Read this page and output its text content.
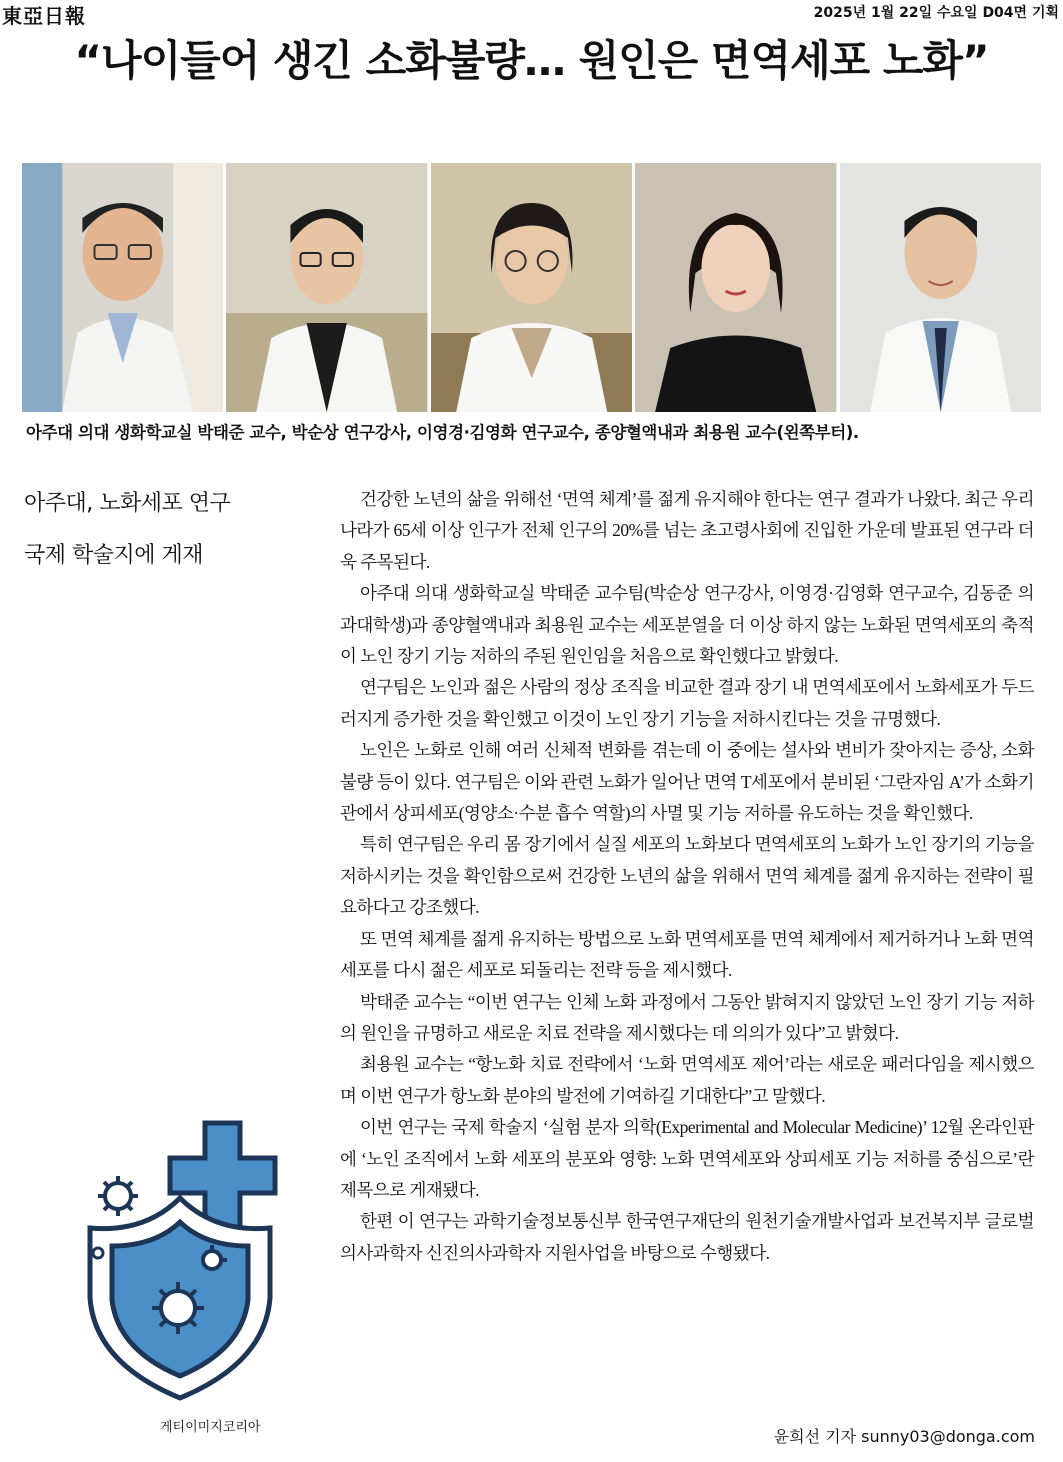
東亞日報	2025년 1월 22일 수요일 D04면 기획
“나이들어 생긴 소화불량… 원인은 면역세포 노화”
아주대 의대 생화학교실 박태준 교수, 박순상 연구강사, 이영경·김영화 연구교수, 종양혈액내과 최용원 교수(왼쪽부터).
아주대, 노화세포 연구
국제 학술지에 게재

건강한 노년의 삶을 위해선 ‘면역 체계’를 젊게 유지해야 한다는 연구 결과가 나왔다. 최근 우리나라가 65세 이상 인구가 전체 인구의 20%를 넘는 초고령사회에 진입한 가운데 발표된 연구라 더욱 주목된다.

아주대 의대 생화학교실 박태준 교수팀(박순상 연구강사, 이영경·김영화 연구교수, 김동준 의과대학생)과 종양혈액내과 최용원 교수는 세포분열을 더 이상 하지 않는 노화된 면역세포의 축적이 노인 장기 기능 저하의 주된 원인임을 처음으로 확인했다고 밝혔다.

연구팀은 노인과 젊은 사람의 정상 조직을 비교한 결과 장기 내 면역세포에서 노화세포가 두드러지게 증가한 것을 확인했고 이것이 노인 장기 기능을 저하시킨다는 것을 규명했다.

노인은 노화로 인해 여러 신체적 변화를 겪는데 이 중에는 설사와 변비가 잦아지는 증상, 소화불량 등이 있다. 연구팀은 이와 관련 노화가 일어난 면역 T세포에서 분비된 ‘그란자임 A’가 소화기관에서 상피세포(영양소·수분 흡수 역할)의 사멸 및 기능 저하를 유도하는 것을 확인했다.

특히 연구팀은 우리 몸 장기에서 실질 세포의 노화보다 면역세포의 노화가 노인 장기의 기능을 저하시키는 것을 확인함으로써 건강한 노년의 삶을 위해서 면역 체계를 젊게 유지하는 전략이 필요하다고 강조했다.

또 면역 체계를 젊게 유지하는 방법으로 노화 면역세포를 면역 체계에서 제거하거나 노화 면역세포를 다시 젊은 세포로 되돌리는 전략 등을 제시했다.

박태준 교수는 “이번 연구는 인체 노화 과정에서 그동안 밝혀지지 않았던 노인 장기 기능 저하의 원인을 규명하고 새로운 치료 전략을 제시했다는 데 의의가 있다”고 밝혔다.

최용원 교수는 “항노화 치료 전략에서 ‘노화 면역세포 제어’라는 새로운 패러다임을 제시했으며 이번 연구가 항노화 분야의 발전에 기여하길 기대한다”고 말했다.

이번 연구는 국제 학술지 ‘실험 분자 의학(Experimental and Molecular Medicine)’ 12월 온라인판에 ‘노인 조직에서 노화 세포의 분포와 영향: 노화 면역세포와 상피세포 기능 저하를 중심으로’란 제목으로 게재됐다.

한편 이 연구는 과학기술정보통신부 한국연구재단의 원천기술개발사업과 보건복지부 글로벌의사과학자 신진의사과학자 지원사업을 바탕으로 수행됐다.

게티이미지코리아	윤희선 기자 sunny03@donga.com
